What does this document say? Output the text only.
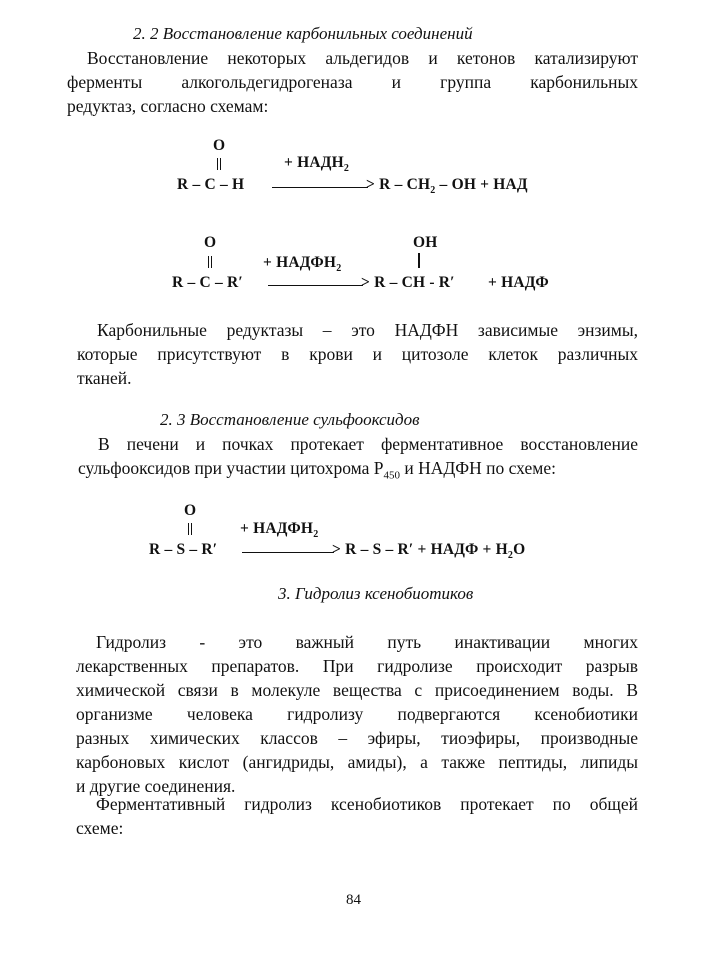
2. 2 Восстановление карбонильных соединений
Восстановление некоторых альдегидов и кетонов катализируют
ферменты алкогольдегидрогеназа и группа карбонильных
редуктаз, согласно схемам:
O
R – C – H
+ $НАДН_2$
> R – $CH_2$ – OH + НАД
O	OH
R – C – R′
+ $НАДФН_2$
> R – CH - R′ + НАДФ
Карбонильные редуктазы – это НАДФН зависимые энзимы,
которые присутствуют в крови и цитозоле клеток различных
тканей.
2. 3 Восстановление сульфооксидов
В печени и почках протекает ферментативное восстановление
сульфооксидов при участии цитохрома $P_{450}$ и НАДФН по схеме:
O
R – S – R′
+ $НАДФН_2$
> R – S – R′ + НАДФ + $H_2O$
3. Гидролиз ксенобиотиков
Гидролиз - это важный путь инактивации многих
лекарственных препаратов. При гидролизе происходит разрыв
химической связи в молекуле вещества с присоединением воды. В
организме человека гидролизу подвергаются ксенобиотики
разных химических классов – эфиры, тиоэфиры, производные
карбоновых кислот (ангидриды, амиды), а также пептиды, липиды
и другие соединения.
Ферментативный гидролиз ксенобиотиков протекает по общей
схеме:
84
